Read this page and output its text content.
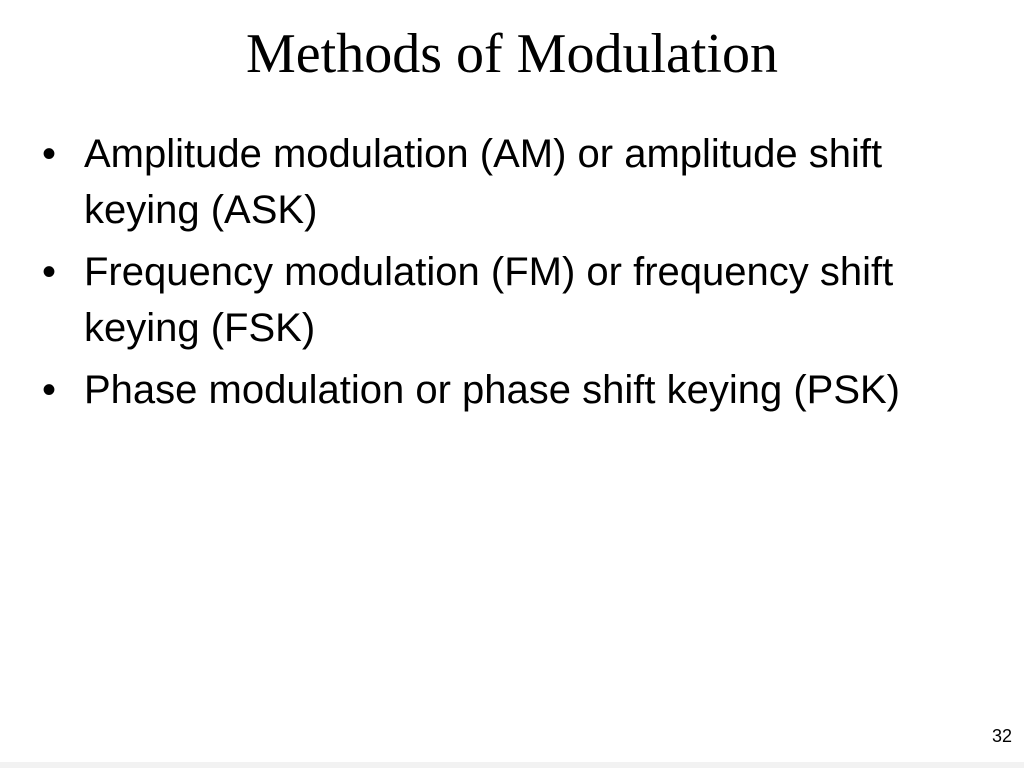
Methods of Modulation
• Amplitude modulation (AM) or amplitude shift keying (ASK)
• Frequency modulation (FM) or frequency shift keying (FSK)
• Phase modulation or phase shift keying (PSK)
32
